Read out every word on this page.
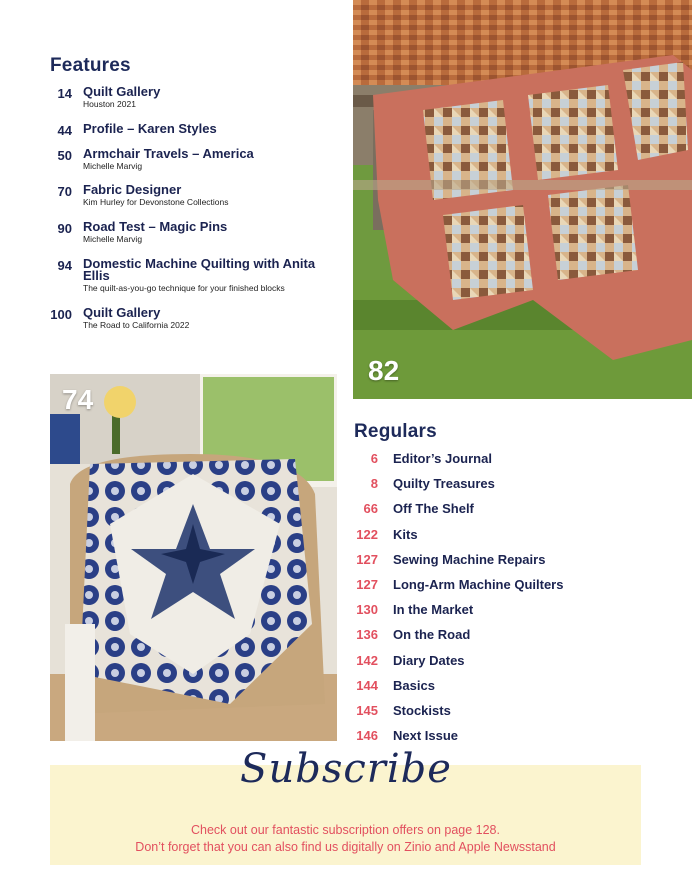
Features
14 Quilt Gallery
Houston 2021
44 Profile – Karen Styles
50 Armchair Travels – America
Michelle Marvig
70 Fabric Designer
Kim Hurley for Devonstone Collections
90 Road Test – Magic Pins
Michelle Marvig
94 Domestic Machine Quilting with Anita Ellis
The quilt-as-you-go technique for your finished blocks
100 Quilt Gallery
The Road to California 2022
82
74
Regulars
6 Editor’s Journal
8 Quilty Treasures
66 Off The Shelf
122 Kits
127 Sewing Machine Repairs
127 Long-Arm Machine Quilters
130 In the Market
136 On the Road
142 Diary Dates
144 Basics
145 Stockists
146 Next Issue
Subscribe
Check out our fantastic subscription offers on page 128.
Don’t forget that you can also find us digitally on Zinio and Apple Newsstand
